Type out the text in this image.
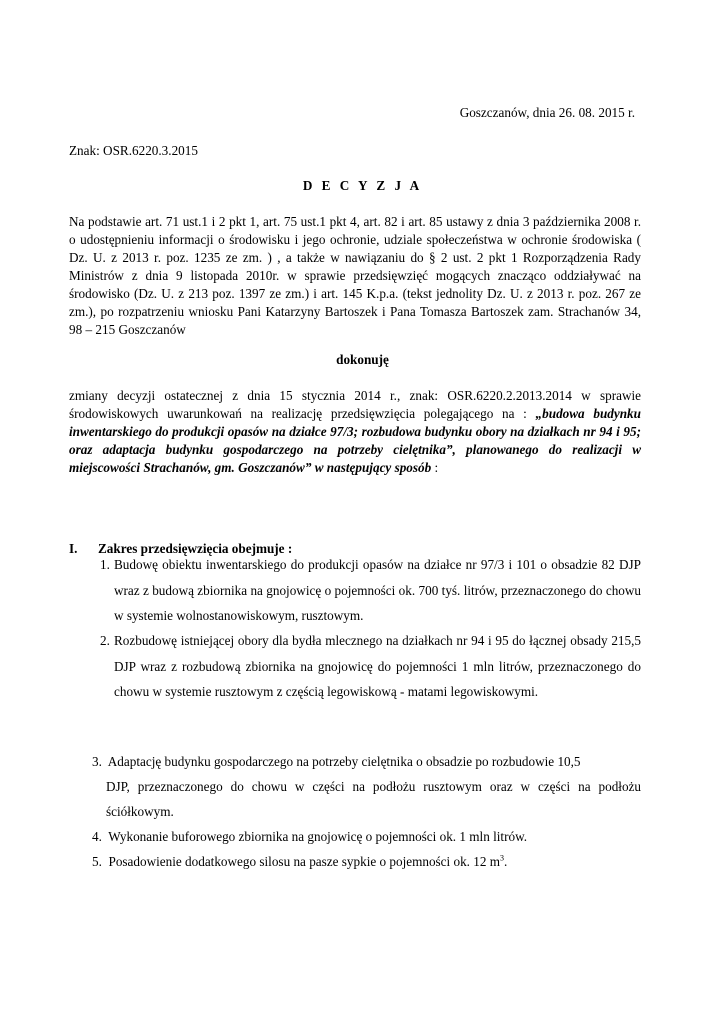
Goszczanów, dnia 26. 08. 2015 r.
Znak: OSR.6220.3.2015
D E C Y Z J A
Na podstawie art. 71 ust.1 i 2 pkt 1, art. 75 ust.1 pkt 4, art. 82 i art. 85 ustawy z dnia 3 października 2008 r. o udostępnieniu informacji o środowisku i jego ochronie, udziale społeczeństwa w ochronie środowiska ( Dz. U. z 2013 r. poz. 1235 ze zm. ) , a także w nawiązaniu do § 2 ust. 2 pkt 1 Rozporządzenia Rady Ministrów z dnia 9 listopada 2010r. w sprawie przedsięwzięć mogących znacząco oddziaływać na środowisko (Dz. U. z 213 poz. 1397 ze zm.) i art. 145 K.p.a. (tekst jednolity Dz. U. z 2013 r. poz. 267 ze zm.), po rozpatrzeniu wniosku Pani Katarzyny Bartoszek i Pana Tomasza Bartoszek zam. Strachanów 34, 98 – 215 Goszczanów
dokonuję
zmiany decyzji ostatecznej z dnia 15 stycznia 2014 r., znak: OSR.6220.2.2013.2014 w sprawie środowiskowych uwarunkowań na realizację przedsięwzięcia polegającego na : „budowa budynku inwentarskiego do produkcji opasów na działce 97/3; rozbudowa budynku obory na działkach nr 94 i 95; oraz adaptacja budynku gospodarczego na potrzeby cielętnika”, planowanego do realizacji w miejscowości Strachanów, gm. Goszczanów” w następujący sposób :
I. Zakres przedsięwzięcia obejmuje :
1. Budowę obiektu inwentarskiego do produkcji opasów na działce nr 97/3 i 101 o obsadzie 82 DJP wraz z budową zbiornika na gnojowicę o pojemności ok. 700 tyś. litrów, przeznaczonego do chowu w systemie wolnostanowiskowym, rusztowym.
2. Rozbudowę istniejącej obory dla bydła mlecznego na działkach nr 94 i 95 do łącznej obsady 215,5 DJP wraz z rozbudową zbiornika na gnojowicę do pojemności 1 mln litrów, przeznaczonego do chowu w systemie rusztowym z częścią legowiskową - matami legowiskowymi.
3. Adaptację budynku gospodarczego na potrzeby cielętnika o obsadzie po rozbudowie 10,5
DJP, przeznaczonego do chowu w części na podłożu rusztowym oraz w części na podłożu ściółkowym.
4. Wykonanie buforowego zbiornika na gnojowicę o pojemności ok. 1 mln litrów.
5. Posadowienie dodatkowego silosu na pasze sypkie o pojemności ok. 12 $m^3$.
